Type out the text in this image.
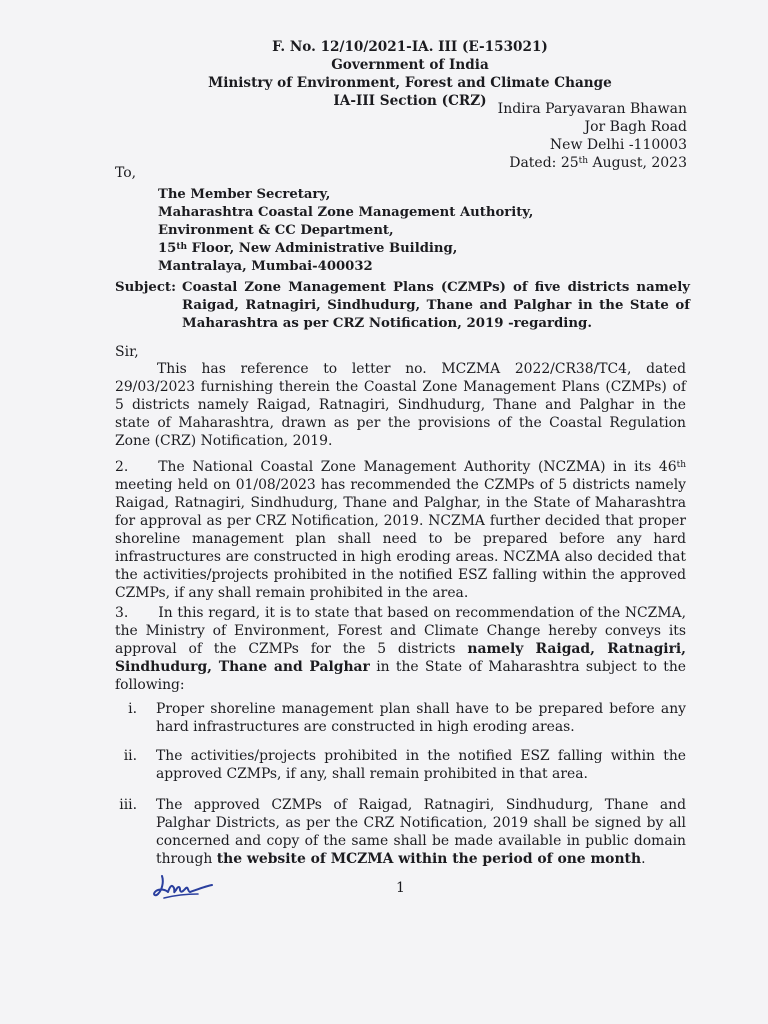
F. No. 12/10/2021-IA. III (E-153021)
Government of India
Ministry of Environment, Forest and Climate Change
IA-III Section (CRZ) Indira Paryavaran Bhawan
Jor Bagh Road
New Delhi -110003
Dated: 25th August, 2023
To,
The Member Secretary,
Maharashtra Coastal Zone Management Authority,
Environment & CC Department,
15th Floor, New Administrative Building,
Mantralaya, Mumbai-400032
Subject: Coastal Zone Management Plans (CZMPs) of five districts namely Raigad, Ratnagiri, Sindhudurg, Thane and Palghar in the State of Maharashtra as per CRZ Notification, 2019 -regarding.
Sir,
This has reference to letter no. MCZMA 2022/CR38/TC4, dated 29/03/2023 furnishing therein the Coastal Zone Management Plans (CZMPs) of 5 districts namely Raigad, Ratnagiri, Sindhudurg, Thane and Palghar in the state of Maharashtra, drawn as per the provisions of the Coastal Regulation Zone (CRZ) Notification, 2019.
2. The National Coastal Zone Management Authority (NCZMA) in its 46th meeting held on 01/08/2023 has recommended the CZMPs of 5 districts namely Raigad, Ratnagiri, Sindhudurg, Thane and Palghar, in the State of Maharashtra for approval as per CRZ Notification, 2019. NCZMA further decided that proper shoreline management plan shall need to be prepared before any hard infrastructures are constructed in high eroding areas. NCZMA also decided that the activities/projects prohibited in the notified ESZ falling within the approved CZMPs, if any shall remain prohibited in the area.
3. In this regard, it is to state that based on recommendation of the NCZMA, the Ministry of Environment, Forest and Climate Change hereby conveys its approval of the CZMPs for the 5 districts namely Raigad, Ratnagiri, Sindhudurg, Thane and Palghar in the State of Maharashtra subject to the following:
i. Proper shoreline management plan shall have to be prepared before any hard infrastructures are constructed in high eroding areas.
ii. The activities/projects prohibited in the notified ESZ falling within the approved CZMPs, if any, shall remain prohibited in that area.
iii. The approved CZMPs of Raigad, Ratnagiri, Sindhudurg, Thane and Palghar Districts, as per the CRZ Notification, 2019 shall be signed by all concerned and copy of the same shall be made available in public domain through the website of MCZMA within the period of one month.
1
